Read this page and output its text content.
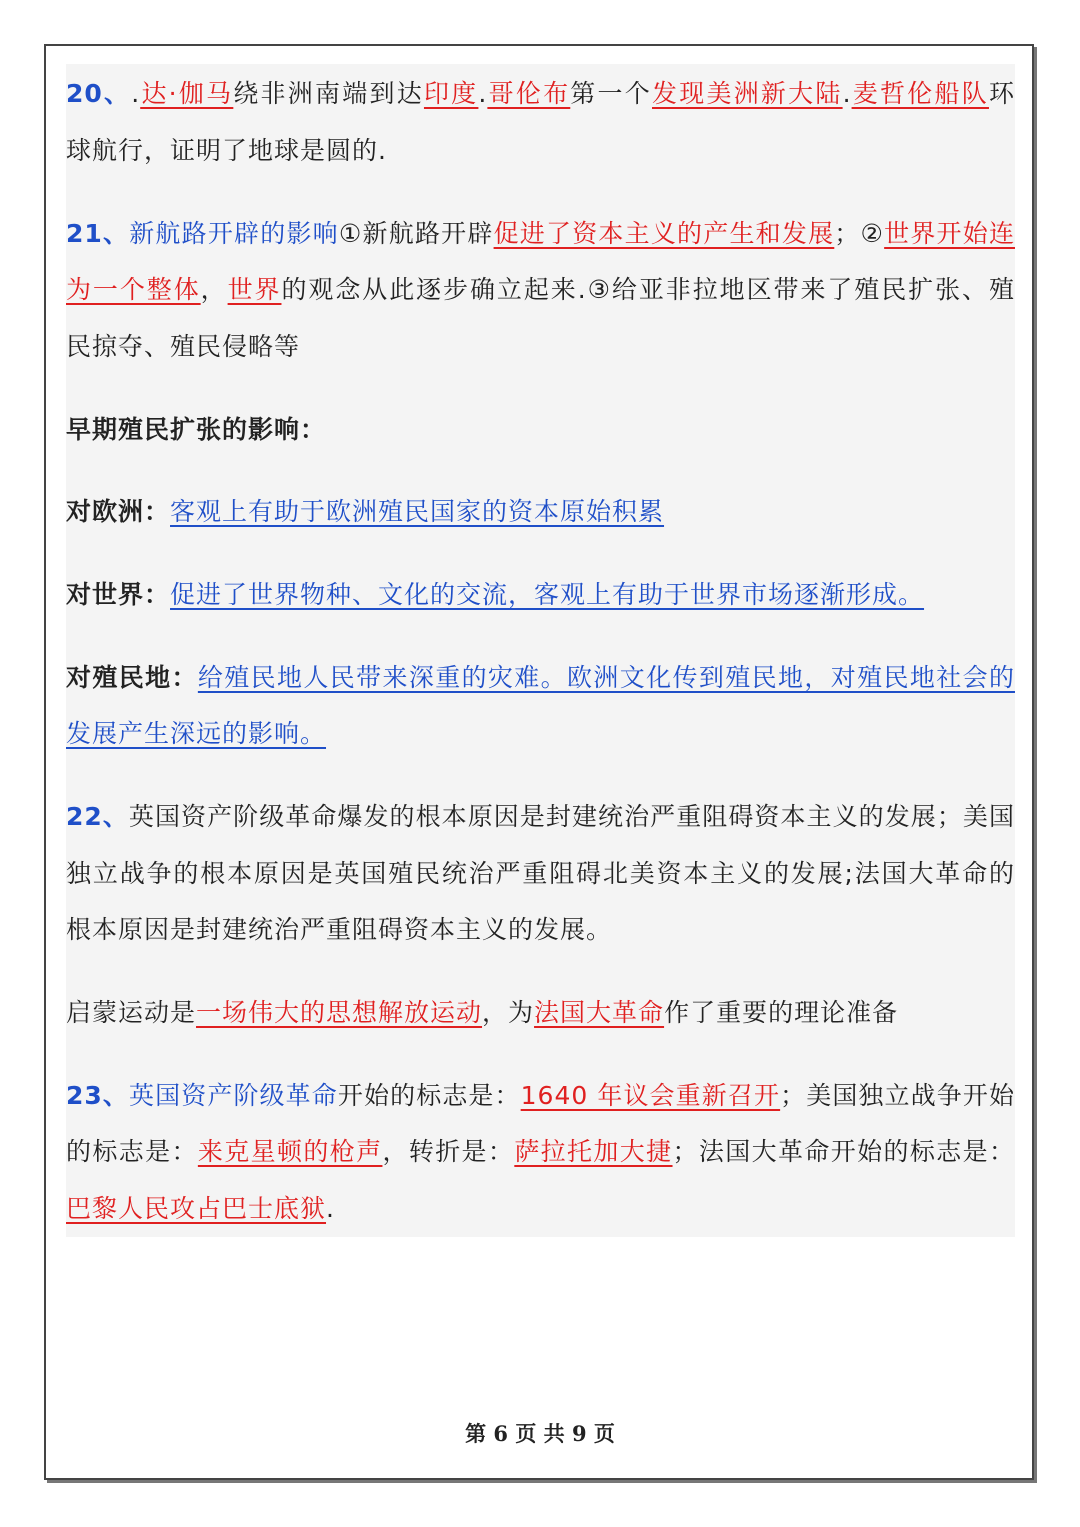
20、.达·伽马绕非洲南端到达印度.哥伦布第一个发现美洲新大陆.麦哲伦船队环
球航行，证明了地球是圆的.
21、新航路开辟的影响①新航路开辟促进了资本主义的产生和发展；②世界开始连
为一个整体，世界的观念从此逐步确立起来.③给亚非拉地区带来了殖民扩张、殖
民掠夺、殖民侵略等
早期殖民扩张的影响：
对欧洲：客观上有助于欧洲殖民国家的资本原始积累
对世界：促进了世界物种、文化的交流，客观上有助于世界市场逐渐形成。
对殖民地：给殖民地人民带来深重的灾难。欧洲文化传到殖民地，对殖民地社会的
发展产生深远的影响。
22、英国资产阶级革命爆发的根本原因是封建统治严重阻碍资本主义的发展；美国
独立战争的根本原因是英国殖民统治严重阻碍北美资本主义的发展;法国大革命的
根本原因是封建统治严重阻碍资本主义的发展。
启蒙运动是一场伟大的思想解放运动，为法国大革命作了重要的理论准备
23、英国资产阶级革命开始的标志是：1640 年议会重新召开；美国独立战争开始
的标志是：来克星顿的枪声，转折是：萨拉托加大捷；法国大革命开始的标志是：
巴黎人民攻占巴士底狱.
第 6 页 共 9 页
